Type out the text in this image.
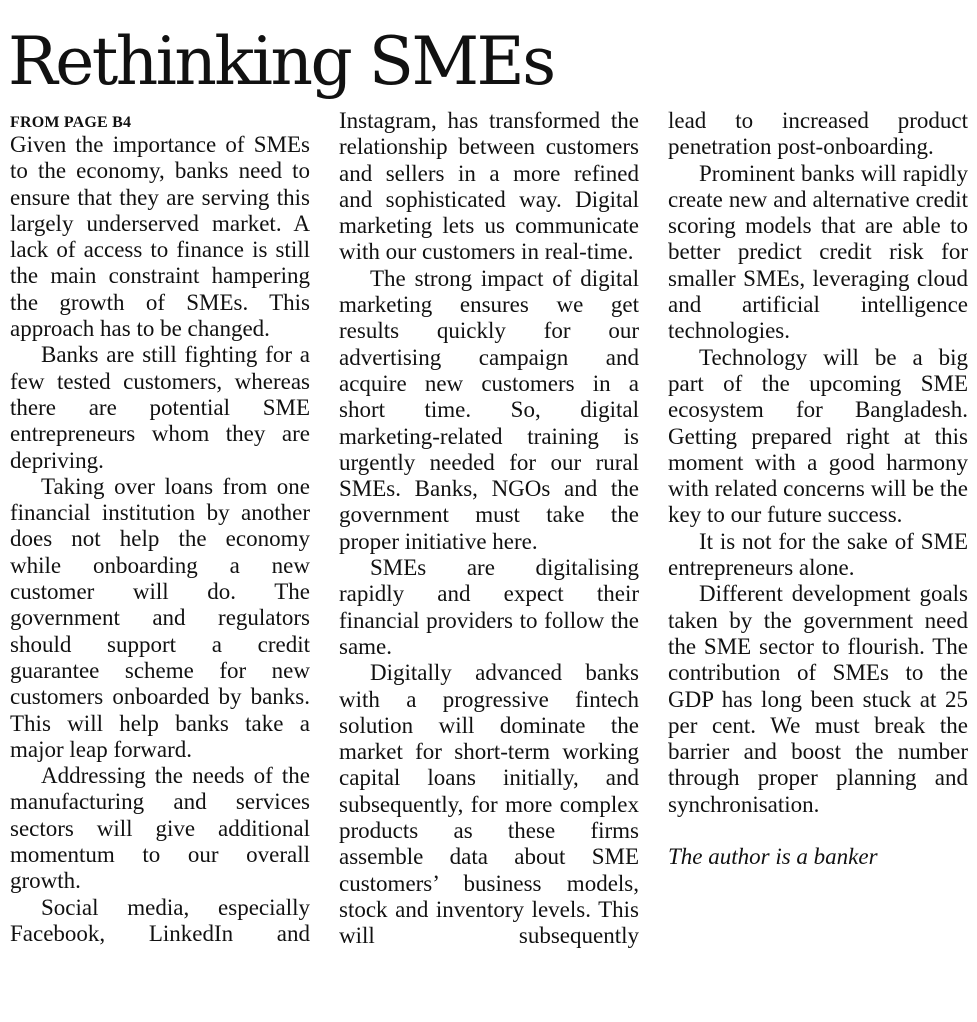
Rethinking SMEs
FROM PAGE B4

Given the importance of SMEs to the economy, banks need to ensure that they are serving this largely underserved market. A lack of access to finance is still the main constraint hampering the growth of SMEs. This approach has to be changed.

Banks are still fighting for a few tested customers, whereas there are potential SME entrepreneurs whom they are depriving.

Taking over loans from one financial institution by another does not help the economy while onboarding a new customer will do. The government and regulators should support a credit guarantee scheme for new customers onboarded by banks. This will help banks take a major leap forward.

Addressing the needs of the manufacturing and services sectors will give additional momentum to our overall growth.

Social media, especially Facebook, LinkedIn and

Instagram, has transformed the relationship between customers and sellers in a more refined and sophisticated way. Digital marketing lets us communicate with our customers in real-time.

The strong impact of digital marketing ensures we get results quickly for our advertising campaign and acquire new customers in a short time. So, digital marketing-related training is urgently needed for our rural SMEs. Banks, NGOs and the government must take the proper initiative here.

SMEs are digitalising rapidly and expect their financial providers to follow the same.

Digitally advanced banks with a progressive fintech solution will dominate the market for short-term working capital loans initially, and subsequently, for more complex products as these firms assemble data about SME customers’ business models, stock and inventory levels. This will subsequently

lead to increased product penetration post-onboarding.

Prominent banks will rapidly create new and alternative credit scoring models that are able to better predict credit risk for smaller SMEs, leveraging cloud and artificial intelligence technologies.

Technology will be a big part of the upcoming SME ecosystem for Bangladesh. Getting prepared right at this moment with a good harmony with related concerns will be the key to our future success.

It is not for the sake of SME entrepreneurs alone.

Different development goals taken by the government need the SME sector to flourish. The contribution of SMEs to the GDP has long been stuck at 25 per cent. We must break the barrier and boost the number through proper planning and synchronisation.

The author is a banker
